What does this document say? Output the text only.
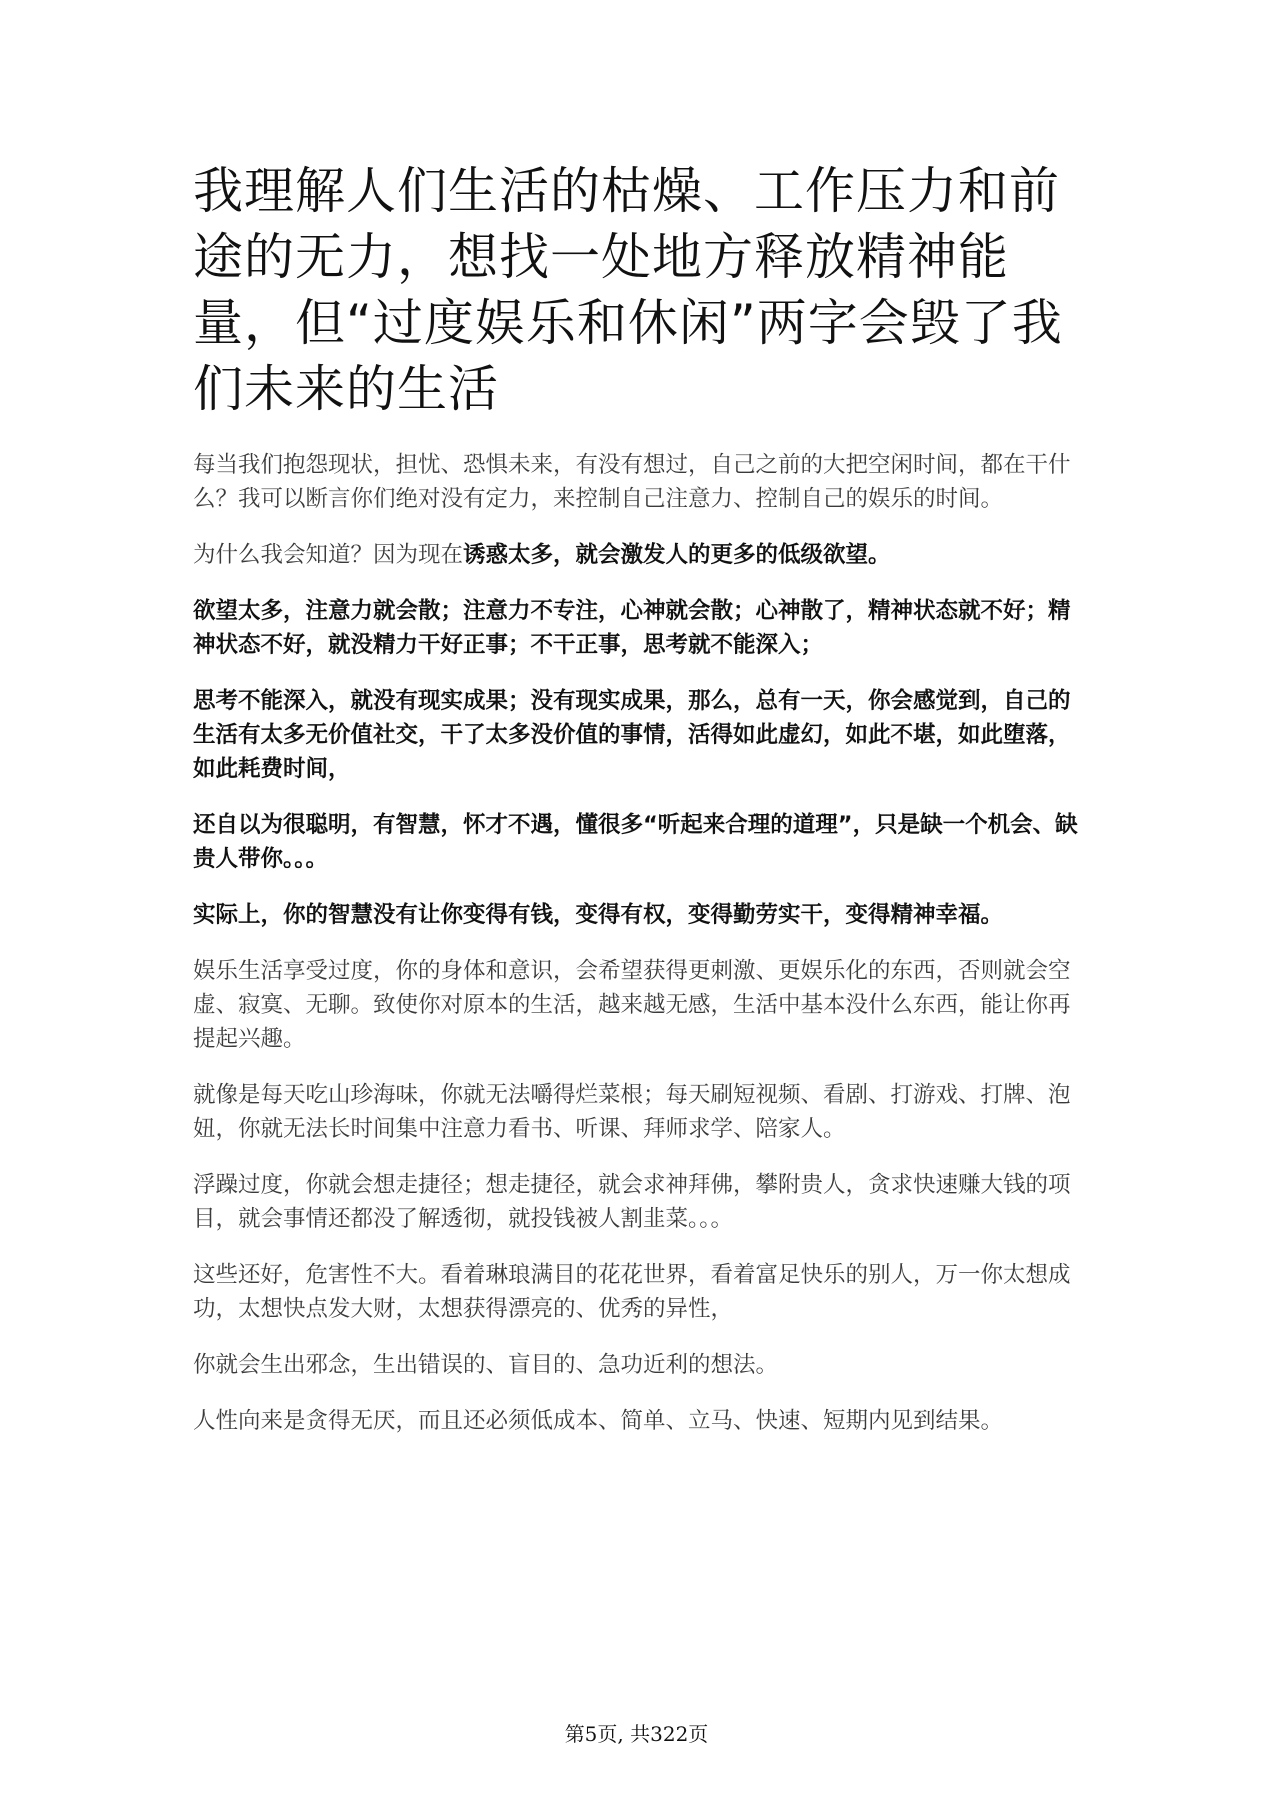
我理解人们生活的枯燥、工作压力和前途的无力，想找一处地方释放精神能量，但“过度娱乐和休闲”两字会毁了我们未来的生活

每当我们抱怨现状，担忧、恐惧未来，有没有想过，自己之前的大把空闲时间，都在干什么？我可以断言你们绝对没有定力，来控制自己注意力、控制自己的娱乐的时间。

为什么我会知道？因为现在诱惑太多，就会激发人的更多的低级欲望。

欲望太多，注意力就会散；注意力不专注，心神就会散；心神散了，精神状态就不好；精神状态不好，就没精力干好正事；不干正事，思考就不能深入；

思考不能深入，就没有现实成果；没有现实成果，那么，总有一天，你会感觉到，自己的生活有太多无价值社交，干了太多没价值的事情，活得如此虚幻，如此不堪，如此堕落，如此耗费时间，

还自以为很聪明，有智慧，怀才不遇，懂很多“听起来合理的道理”，只是缺一个机会、缺贵人带你。。。

实际上，你的智慧没有让你变得有钱，变得有权，变得勤劳实干，变得精神幸福。

娱乐生活享受过度，你的身体和意识，会希望获得更刺激、更娱乐化的东西，否则就会空虚、寂寞、无聊。致使你对原本的生活，越来越无感，生活中基本没什么东西，能让你再提起兴趣。

就像是每天吃山珍海味，你就无法嚼得烂菜根；每天刷短视频、看剧、打游戏、打牌、泡妞，你就无法长时间集中注意力看书、听课、拜师求学、陪家人。

浮躁过度，你就会想走捷径；想走捷径，就会求神拜佛，攀附贵人，贪求快速赚大钱的项目，就会事情还都没了解透彻，就投钱被人割韭菜。。。

这些还好，危害性不大。看着琳琅满目的花花世界，看着富足快乐的别人，万一你太想成功，太想快点发大财，太想获得漂亮的、优秀的异性，

你就会生出邪念，生出错误的、盲目的、急功近利的想法。

人性向来是贪得无厌，而且还必须低成本、简单、立马、快速、短期内见到结果。

第5页, 共322页
